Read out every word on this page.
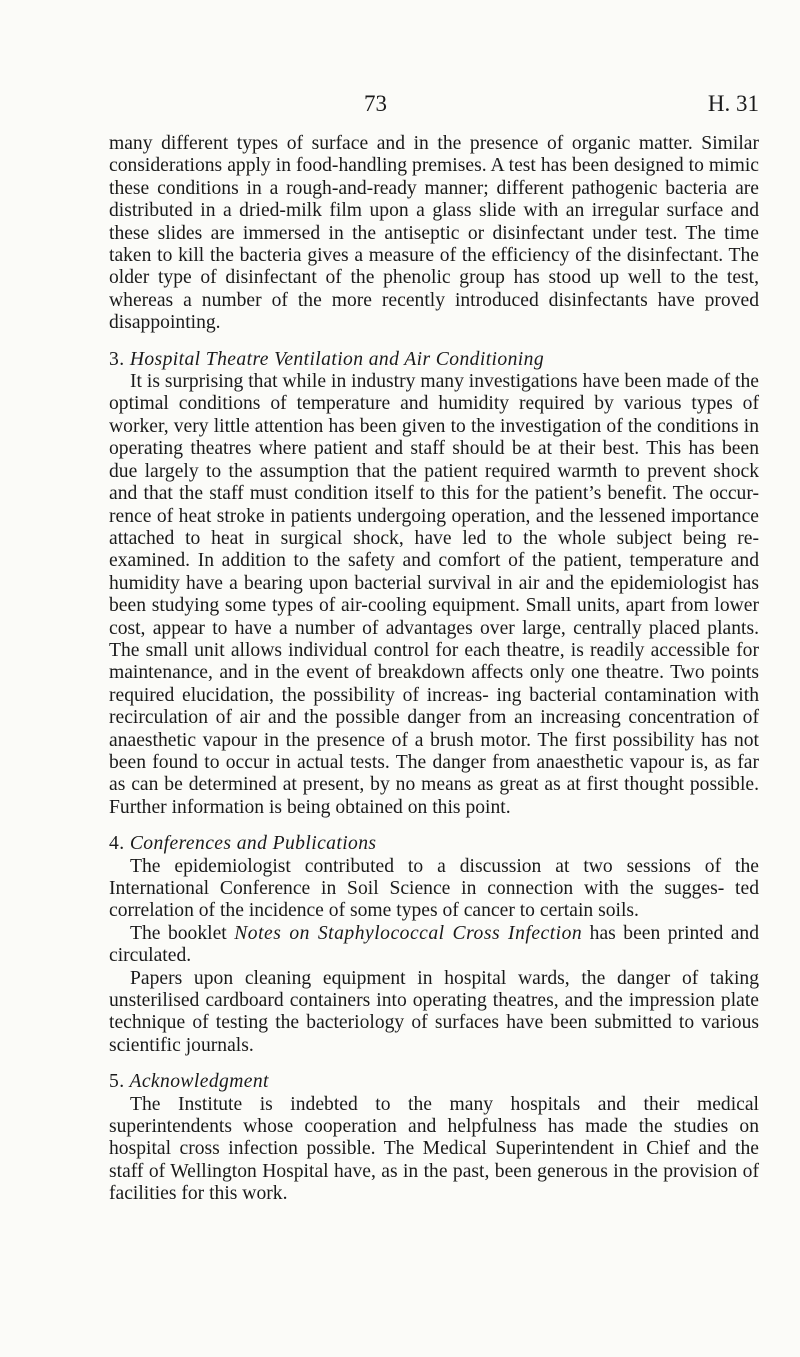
73	H. 31

many different types of surface and in the presence of organic matter. Similar considerations apply in food-handling premises. A test has been designed to mimic these conditions in a rough-and-ready manner; different pathogenic bacteria are distributed in a dried-milk film upon a glass slide with an irregular surface and these slides are immersed in the antiseptic or disinfectant under test. The time taken to kill the bacteria gives a measure of the efficiency of the disinfectant. The older type of disinfectant of the phenolic group has stood up well to the test, whereas a number of the more recently introduced disinfectants have proved disappointing.

3. Hospital Theatre Ventilation and Air Conditioning

It is surprising that while in industry many investigations have been made of the optimal conditions of temperature and humidity required by various types of worker, very little attention has been given to the investigation of the conditions in operating theatres where patient and staff should be at their best. This has been due largely to the assumption that the patient required warmth to prevent shock and that the staff must condition itself to this for the patient’s benefit. The occur- rence of heat stroke in patients undergoing operation, and the lessened importance attached to heat in surgical shock, have led to the whole subject being re-examined. In addition to the safety and comfort of the patient, temperature and humidity have a bearing upon bacterial survival in air and the epidemiologist has been studying some types of air-cooling equipment. Small units, apart from lower cost, appear to have a number of advantages over large, centrally placed plants. The small unit allows individual control for each theatre, is readily accessible for maintenance, and in the event of breakdown affects only one theatre. Two points required elucidation, the possibility of increas- ing bacterial contamination with recirculation of air and the possible danger from an increasing concentration of anaesthetic vapour in the presence of a brush motor. The first possibility has not been found to occur in actual tests. The danger from anaesthetic vapour is, as far as can be determined at present, by no means as great as at first thought possible. Further information is being obtained on this point.

4. Conferences and Publications

The epidemiologist contributed to a discussion at two sessions of the International Conference in Soil Science in connection with the sugges- ted correlation of the incidence of some types of cancer to certain soils.

The booklet Notes on Staphylococcal Cross Infection has been printed and circulated.

Papers upon cleaning equipment in hospital wards, the danger of taking unsterilised cardboard containers into operating theatres, and the impression plate technique of testing the bacteriology of surfaces have been submitted to various scientific journals.

5. Acknowledgment

The Institute is indebted to the many hospitals and their medical superintendents whose cooperation and helpfulness has made the studies on hospital cross infection possible. The Medical Superintendent in Chief and the staff of Wellington Hospital have, as in the past, been generous in the provision of facilities for this work.
